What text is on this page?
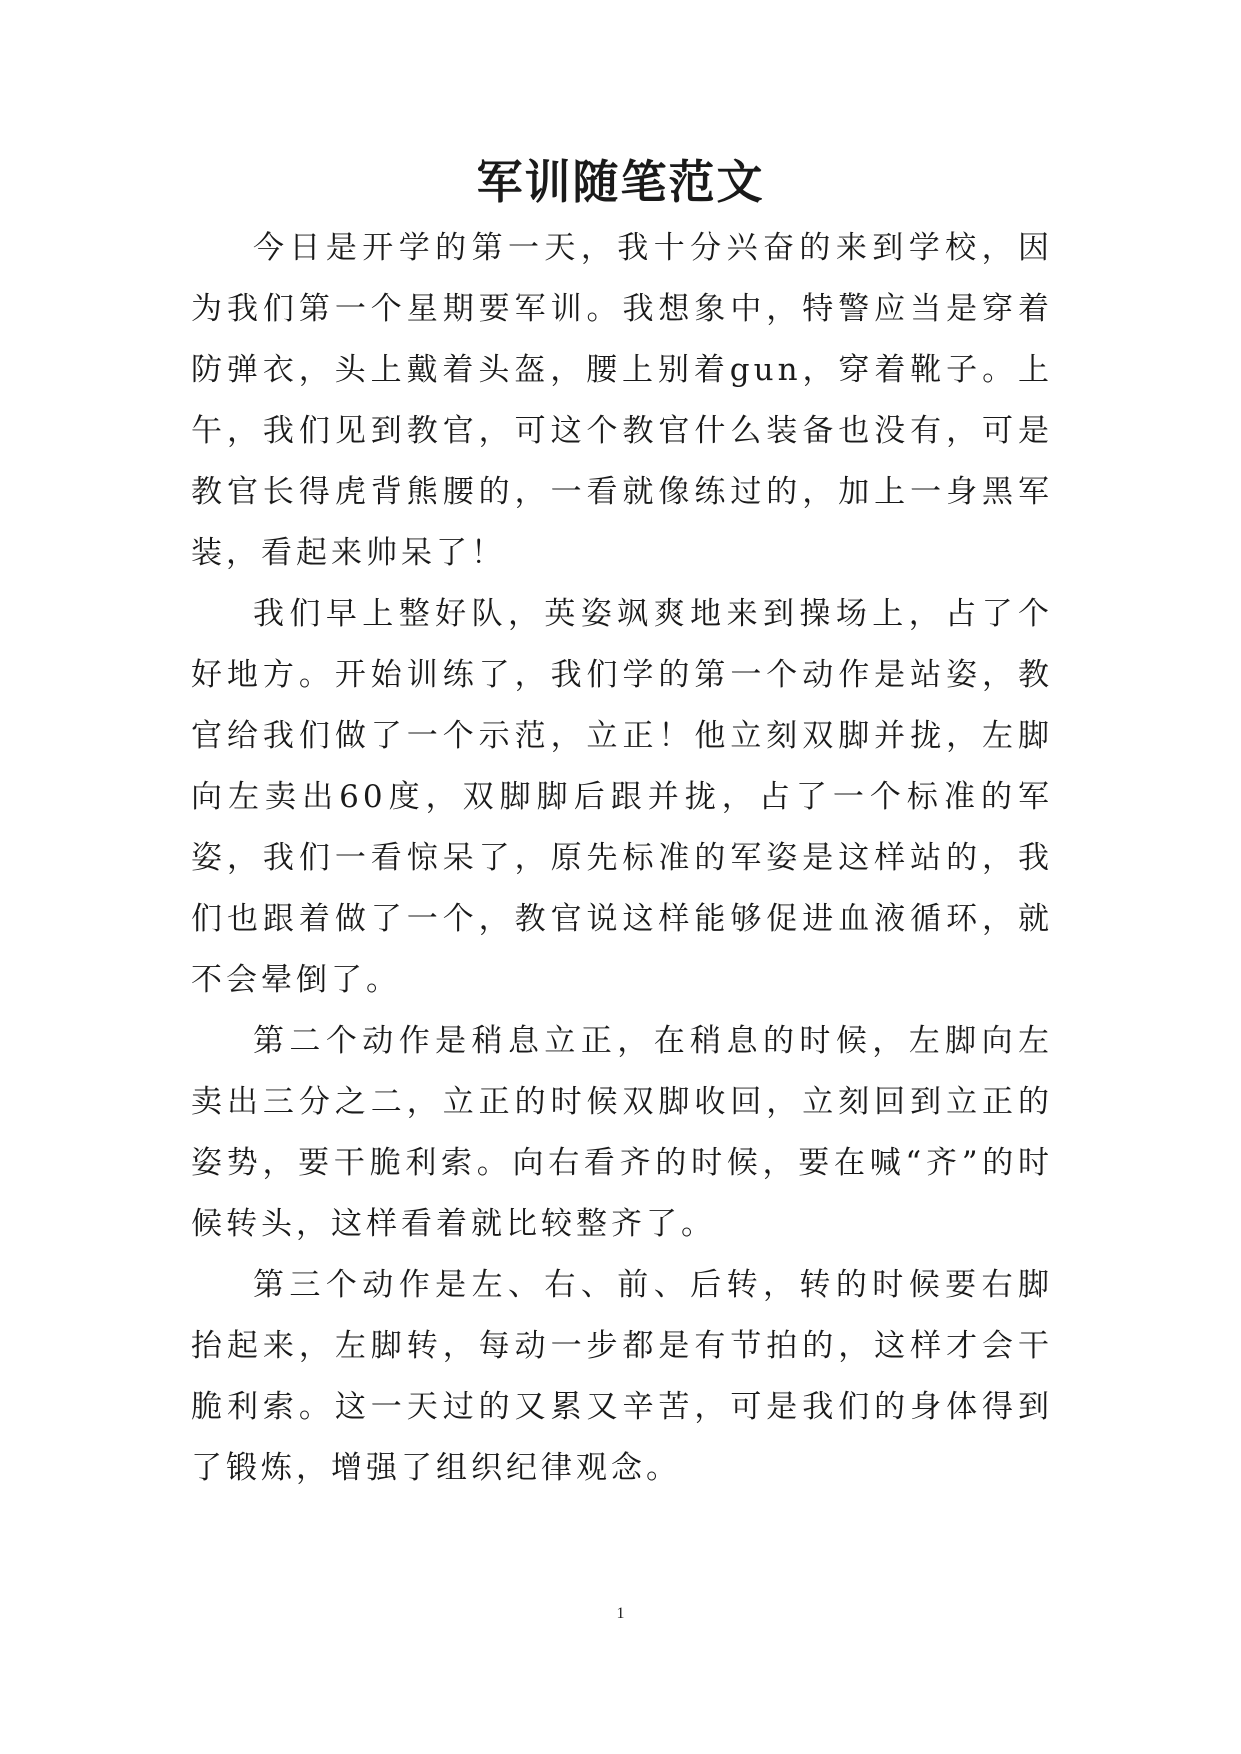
军训随笔范文

今日是开学的第一天，我十分兴奋的来到学校，因为我们第一个星期要军训。我想象中，特警应当是穿着防弹衣，头上戴着头盔，腰上别着gun，穿着靴子。上午，我们见到教官，可这个教官什么装备也没有，可是教官长得虎背熊腰的，一看就像练过的，加上一身黑军装，看起来帅呆了！

我们早上整好队，英姿飒爽地来到操场上，占了个好地方。开始训练了，我们学的第一个动作是站姿，教官给我们做了一个示范，立正！他立刻双脚并拢，左脚向左卖出60度，双脚脚后跟并拢，占了一个标准的军姿，我们一看惊呆了，原先标准的军姿是这样站的，我们也跟着做了一个，教官说这样能够促进血液循环，就不会晕倒了。

第二个动作是稍息立正，在稍息的时候，左脚向左卖出三分之二，立正的时候双脚收回，立刻回到立正的姿势，要干脆利索。向右看齐的时候，要在喊“齐”的时候转头，这样看着就比较整齐了。

第三个动作是左、右、前、后转，转的时候要右脚抬起来，左脚转，每动一步都是有节拍的，这样才会干脆利索。这一天过的又累又辛苦，可是我们的身体得到了锻炼，增强了组织纪律观念。

1
